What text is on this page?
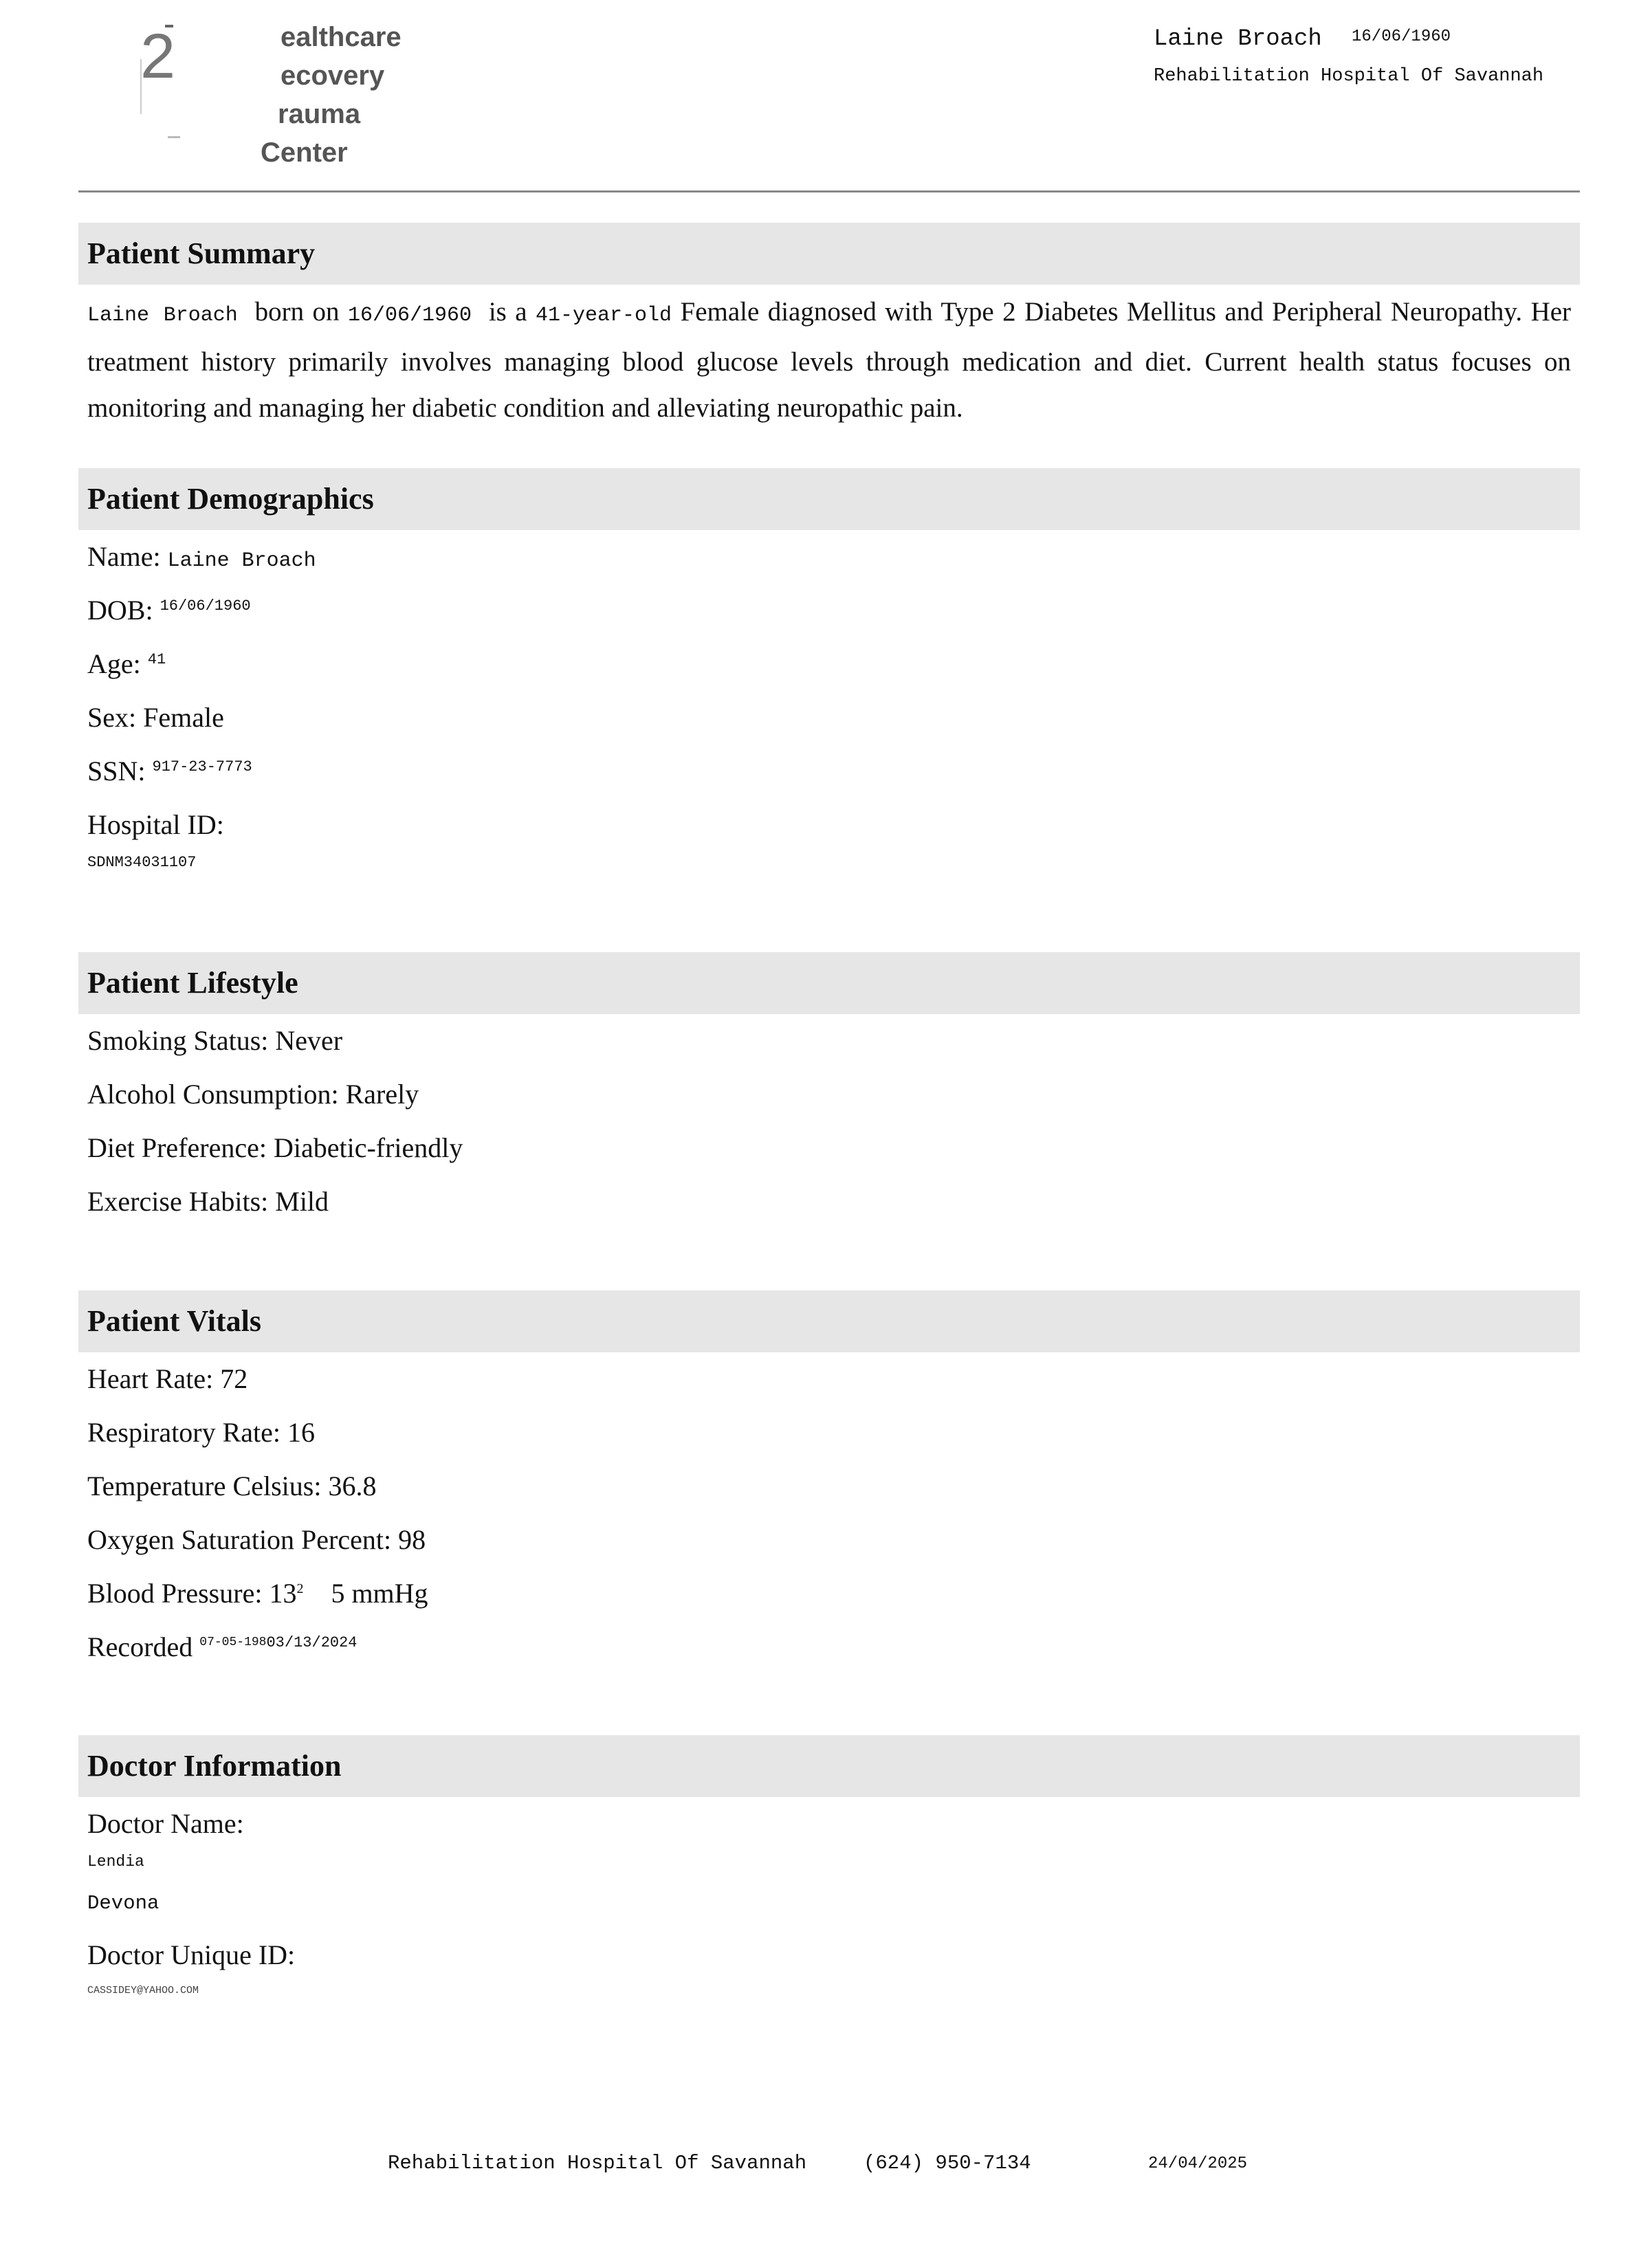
2	ealthcare
ecovery
rauma
Center
Laine Broach 16/06/1960
Rehabilitation Hospital Of Savannah
Patient Summary
Laine Broach born on 16/06/1960 is a 41-year-old Female diagnosed with Type 2 Diabetes Mellitus and Peripheral Neuropathy. Her treatment history primarily involves managing blood glucose levels through medication and diet. Current health status focuses on monitoring and managing her diabetic condition and alleviating neuropathic pain.
Patient Demographics
Name: Laine Broach
DOB: $^{16/06/1960}$
Age: $^{41}$
Sex: Female
SSN: $^{917-23-7773}$
Hospital ID:
SDNM34031107
Patient Lifestyle
Smoking Status: Never
Alcohol Consumption: Rarely
Diet Preference: Diabetic-friendly
Exercise Habits: Mild
Patient Vitals
Heart Rate: 72
Respiratory Rate: 16
Temperature Celsius: 36.8
Oxygen Saturation Percent: 98
Blood Pressure: $13^2$ 5 mmHg
Recorded $^{07-05-19803/13/2024}$
Doctor Information
Doctor Name:
Lendia
Devona
Doctor Unique ID:
CASSIDEY@YAHOO.COM
Rehabilitation Hospital Of Savannah	(624) 950-7134	24/04/2025
